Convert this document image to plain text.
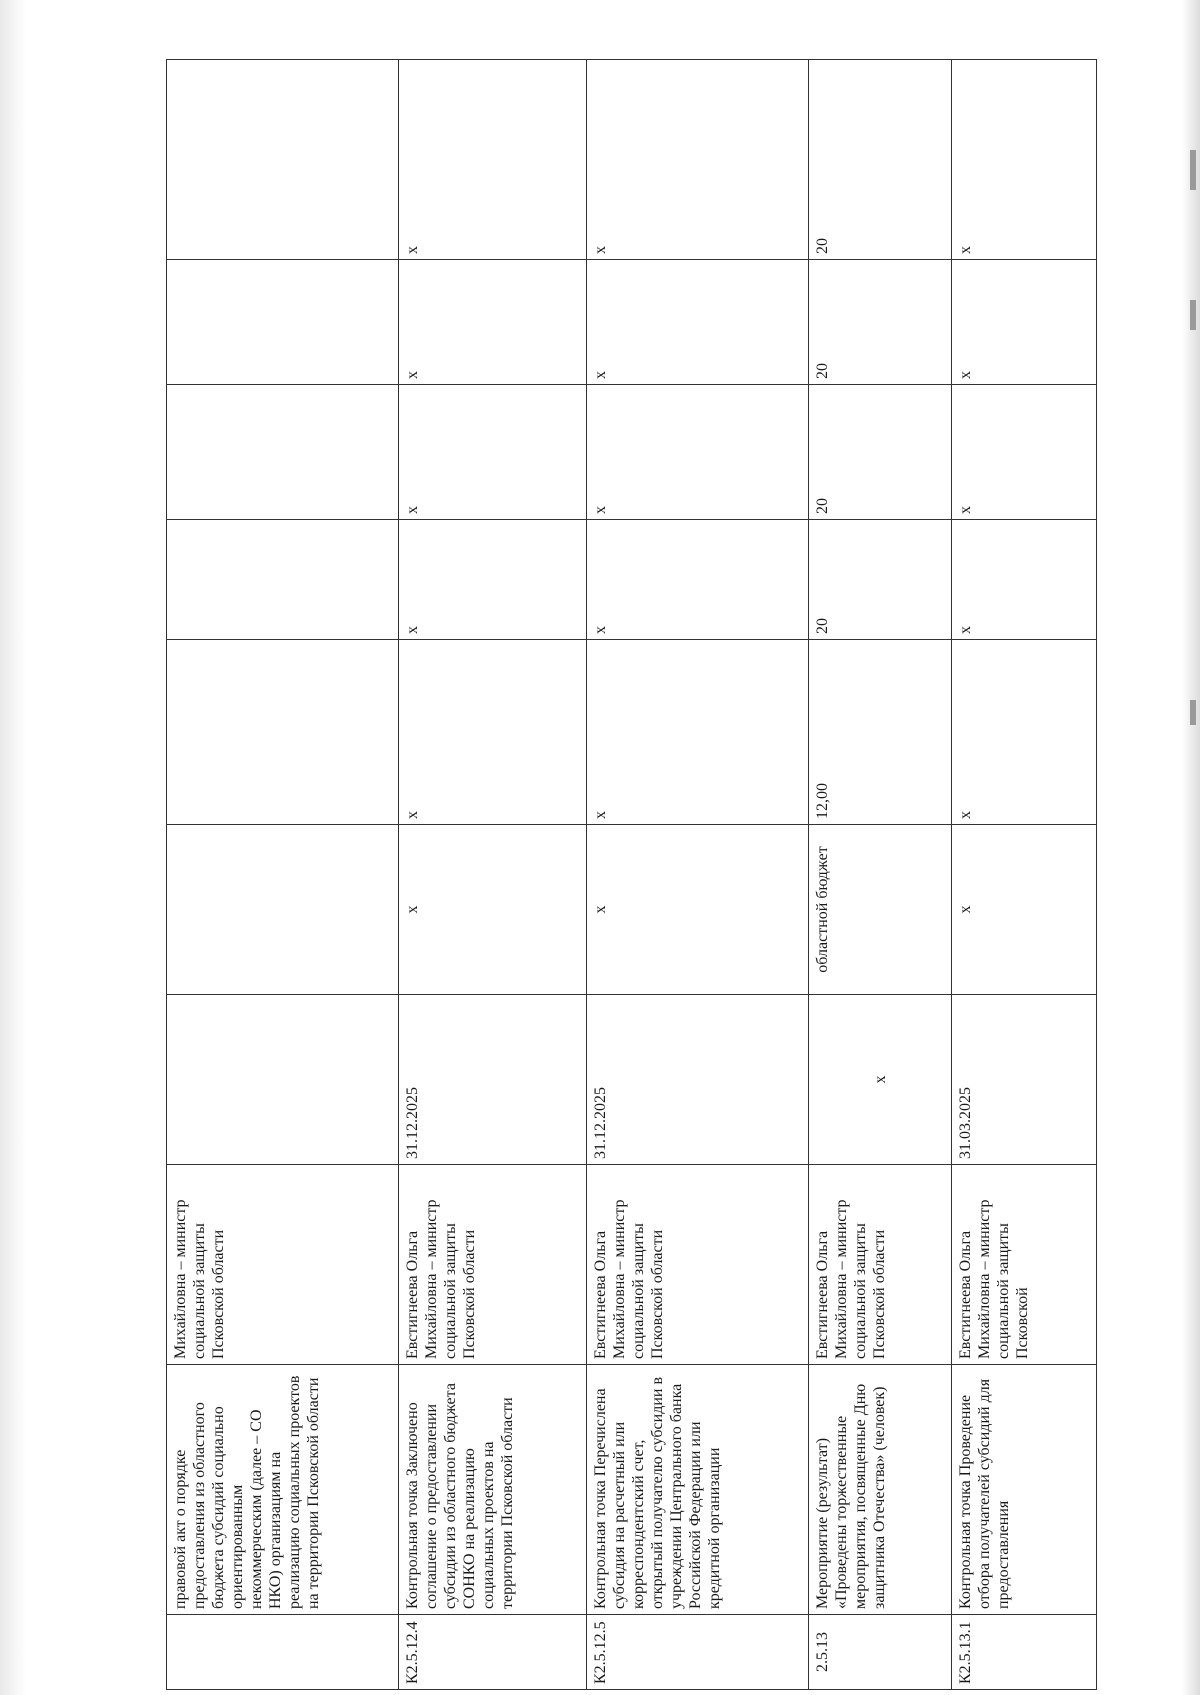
	правовой акт о порядке предоставления из областного бюджета субсидий социально ориентированным некоммерческим (далее – СО НКО) организациям на реализацию социальных проектов на территории Псковской области	Михайловна – министр социальной защиты Псковской области							
К2.5.12.4	Контрольная точка Заключено соглашение о предоставлении субсидии из областного бюджета СОНКО на реализацию социальных проектов на территории Псковской области	Евстигнеева Ольга Михайловна – министр социальной защиты Псковской области	31.12.2025	х	х	х	х	х	х
К2.5.12.5	Контрольная точка Перечислена субсидия на расчетный или корреспондентский счет, открытый получателю субсидии в учреждении Центрального банка Российской Федерации или кредитной организации	Евстигнеева Ольга Михайловна – министр социальной защиты Псковской области	31.12.2025	х	х	х	х	х	х
2.5.13	Мероприятие (результат) «Проведены торжественные мероприятия, посвященные Дню защитника Отечества» (человек)	Евстигнеева Ольга Михайловна – министр социальной защиты Псковской области	х	областной бюджет	12,00	20	20	20	20
К2.5.13.1	Контрольная точка Проведение отбора получателей субсидий для предоставления	Евстигнеева Ольга Михайловна – министр социальной защиты Псковской	31.03.2025	х	х	х	х	х	х
